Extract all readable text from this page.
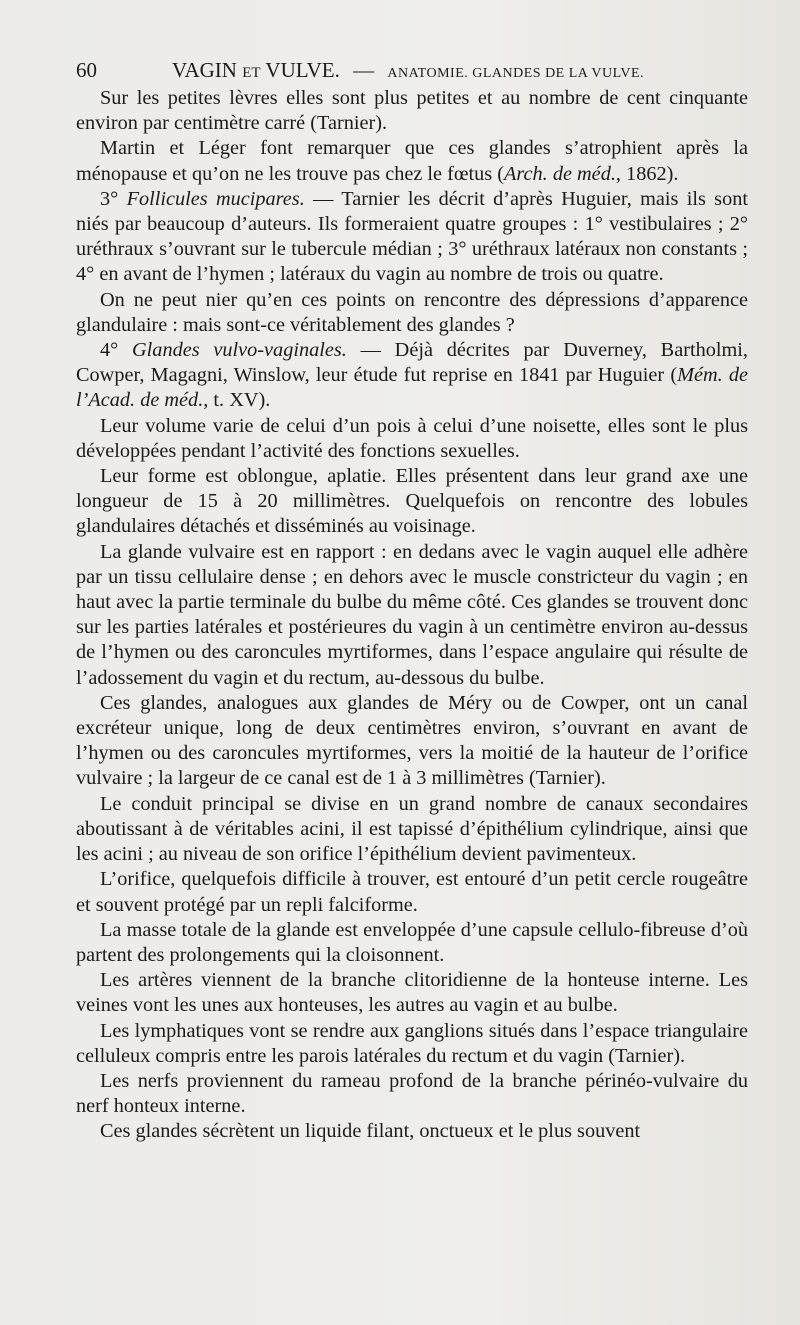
60	VAGIN ET VULVE. — ANATOMIE. GLANDES DE LA VULVE.

Sur les petites lèvres elles sont plus petites et au nombre de cent cinquante environ par centimètre carré (Tarnier).

Martin et Léger font remarquer que ces glandes s’atrophient après la ménopause et qu’on ne les trouve pas chez le fœtus (Arch. de méd., 1862).

3° Follicules mucipares. — Tarnier les décrit d’après Huguier, mais ils sont niés par beaucoup d’auteurs. Ils formeraient quatre groupes : 1° vestibulaires ; 2° uréthraux s’ouvrant sur le tubercule médian ; 3° uréthraux latéraux non constants ; 4° en avant de l’hymen ; latéraux du vagin au nombre de trois ou quatre.

On ne peut nier qu’en ces points on rencontre des dépressions d’apparence glandulaire : mais sont-ce véritablement des glandes ?

4° Glandes vulvo-vaginales. — Déjà décrites par Duverney, Bartholmi, Cowper, Magagni, Winslow, leur étude fut reprise en 1841 par Huguier (Mém. de l’Acad. de méd., t. XV).

Leur volume varie de celui d’un pois à celui d’une noisette, elles sont le plus développées pendant l’activité des fonctions sexuelles.

Leur forme est oblongue, aplatie. Elles présentent dans leur grand axe une longueur de 15 à 20 millimètres. Quelquefois on rencontre des lobules glandulaires détachés et disséminés au voisinage.

La glande vulvaire est en rapport : en dedans avec le vagin auquel elle adhère par un tissu cellulaire dense ; en dehors avec le muscle constricteur du vagin ; en haut avec la partie terminale du bulbe du même côté. Ces glandes se trouvent donc sur les parties latérales et postérieures du vagin à un centimètre environ au-dessus de l’hymen ou des caroncules myrtiformes, dans l’espace angulaire qui résulte de l’adossement du vagin et du rectum, au-dessous du bulbe.

Ces glandes, analogues aux glandes de Méry ou de Cowper, ont un canal excréteur unique, long de deux centimètres environ, s’ouvrant en avant de l’hymen ou des caroncules myrtiformes, vers la moitié de la hauteur de l’orifice vulvaire ; la largeur de ce canal est de 1 à 3 millimètres (Tarnier).

Le conduit principal se divise en un grand nombre de canaux secondaires aboutissant à de véritables acini, il est tapissé d’épithélium cylindrique, ainsi que les acini ; au niveau de son orifice l’épithélium devient pavimenteux.

L’orifice, quelquefois difficile à trouver, est entouré d’un petit cercle rougeâtre et souvent protégé par un repli falciforme.

La masse totale de la glande est enveloppée d’une capsule cellulo-fibreuse d’où partent des prolongements qui la cloisonnent.

Les artères viennent de la branche clitoridienne de la honteuse interne. Les veines vont les unes aux honteuses, les autres au vagin et au bulbe.

Les lymphatiques vont se rendre aux ganglions situés dans l’espace triangulaire celluleux compris entre les parois latérales du rectum et du vagin (Tarnier).

Les nerfs proviennent du rameau profond de la branche périnéo-vulvaire du nerf honteux interne.

Ces glandes sécrètent un liquide filant, onctueux et le plus souvent
